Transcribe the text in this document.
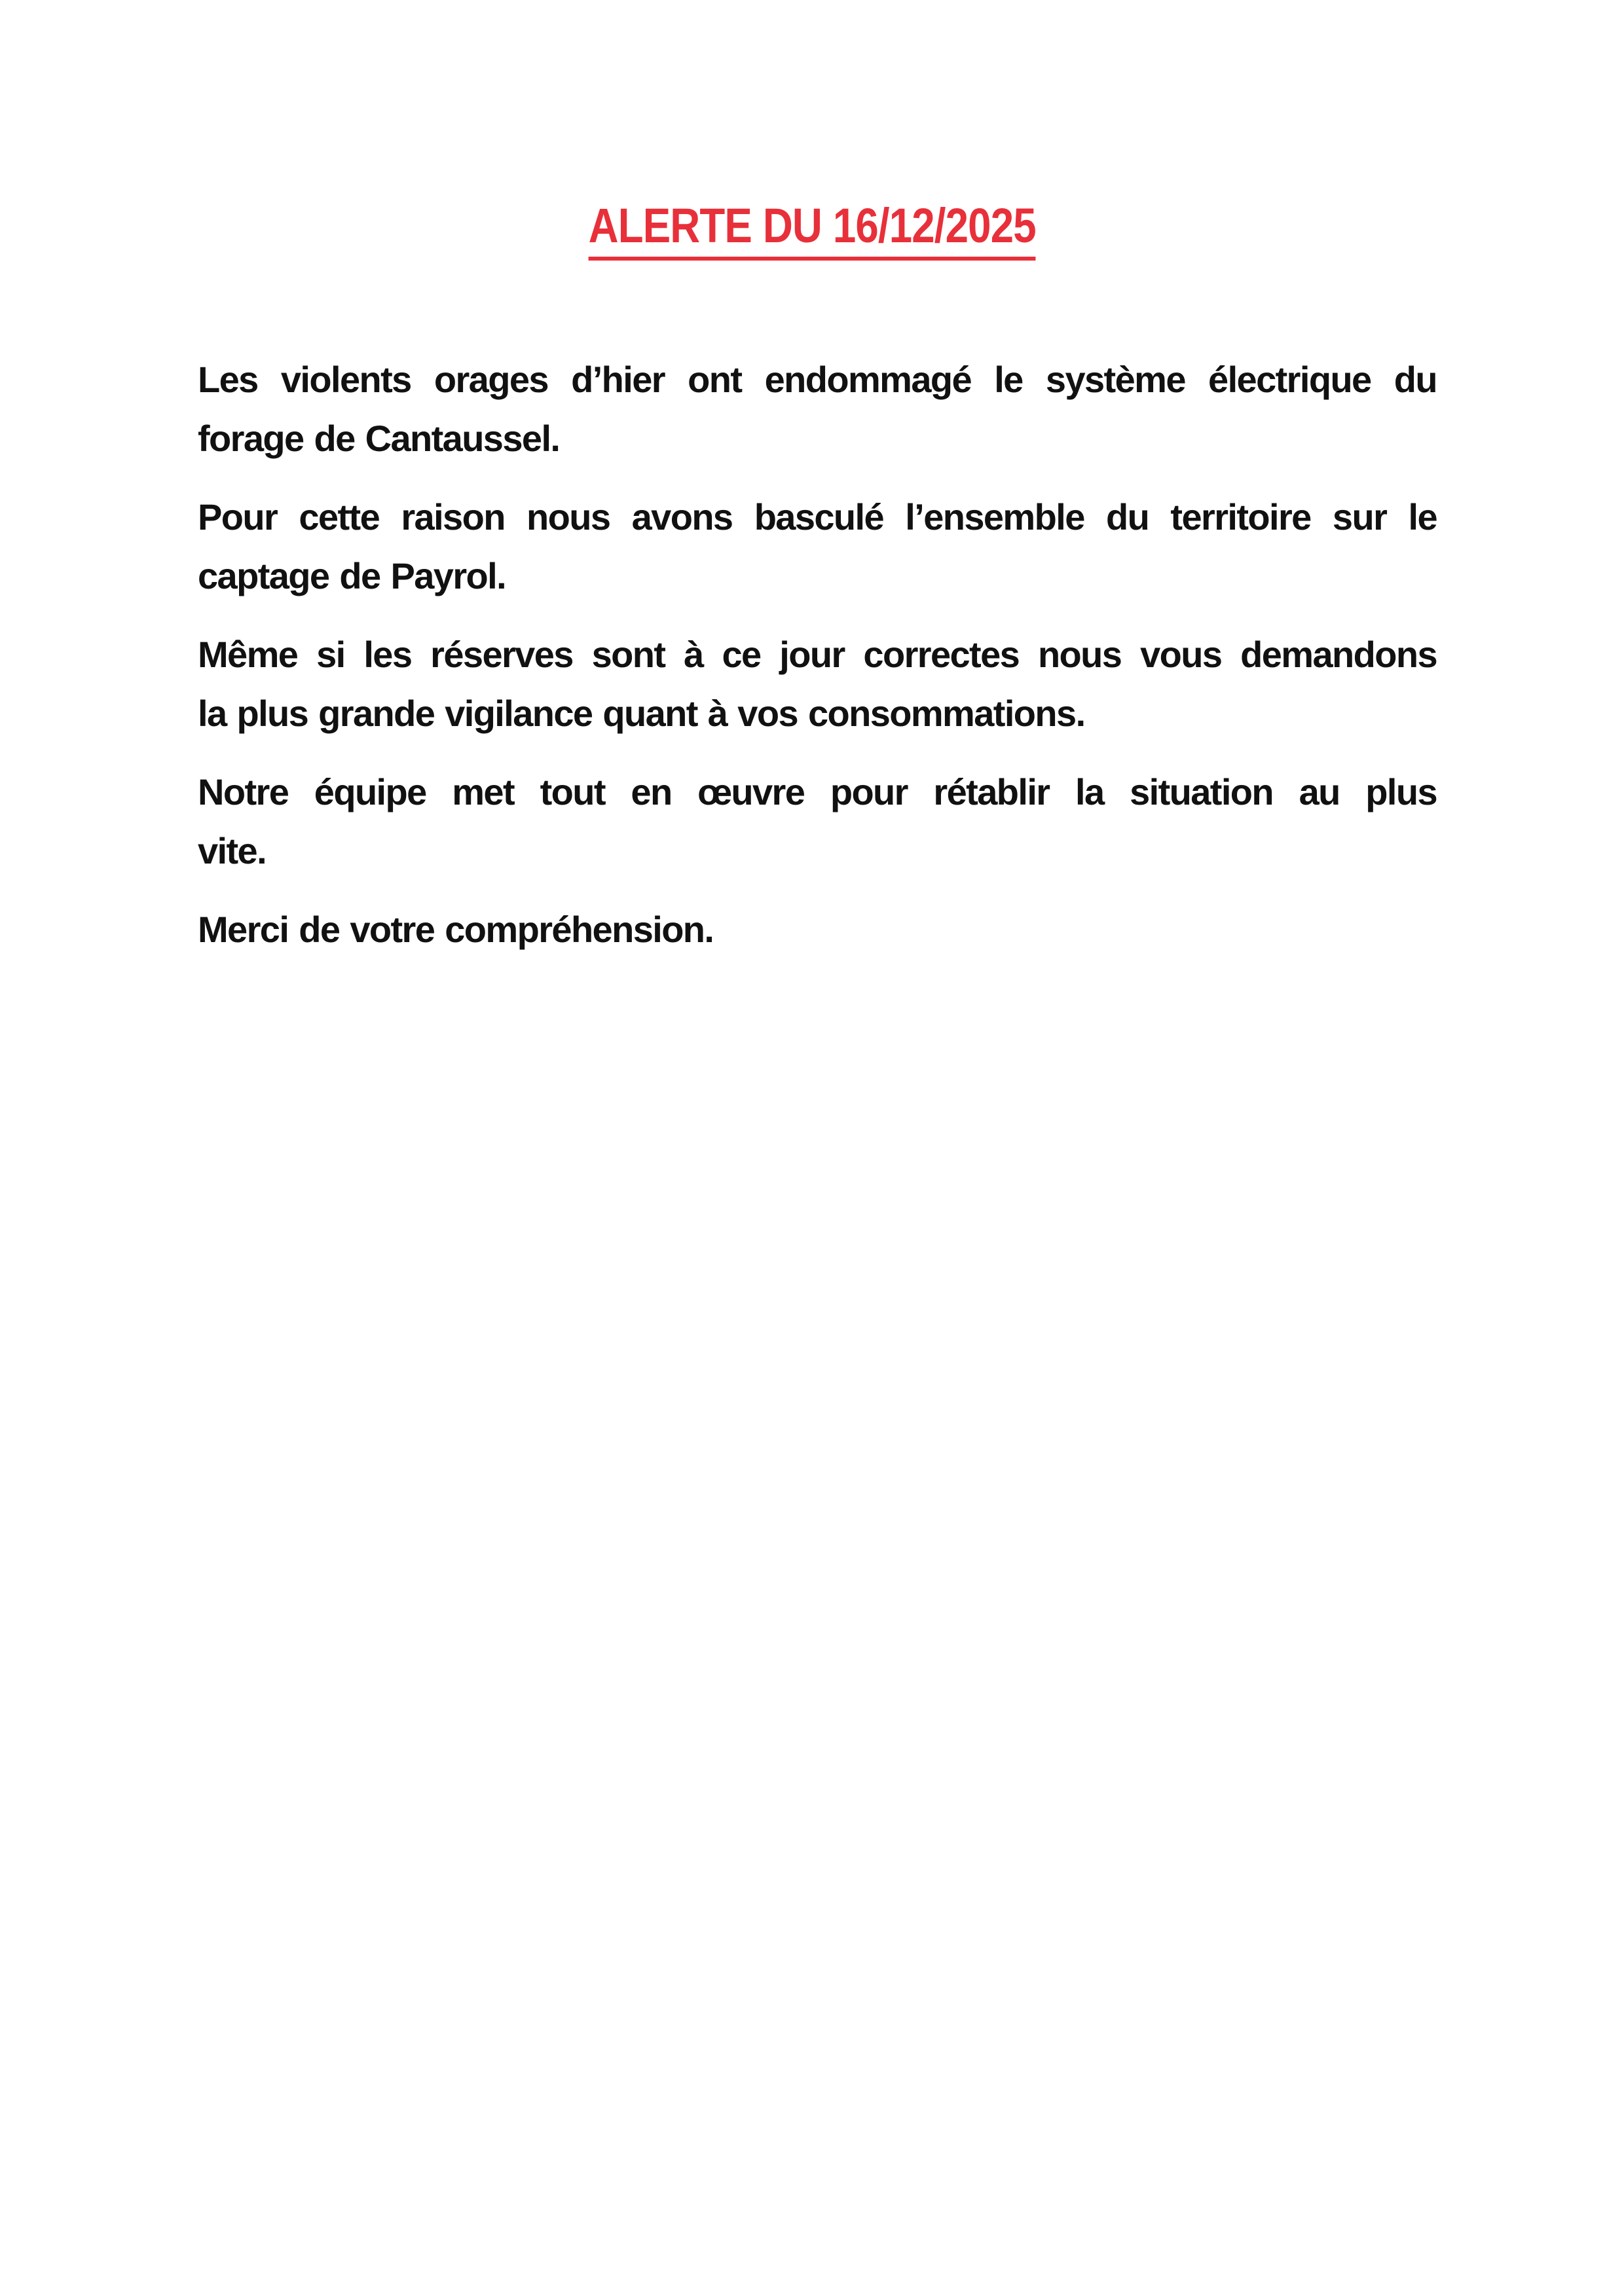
ALERTE DU 16/12/2025

Les violents orages d’hier ont endommagé le système électrique du
forage de Cantaussel.

Pour cette raison nous avons basculé l’ensemble du territoire sur le
captage de Payrol.

Même si les réserves sont à ce jour correctes nous vous demandons
la plus grande vigilance quant à vos consommations.

Notre équipe met tout en œuvre pour rétablir la situation au plus
vite.

Merci de votre compréhension.
